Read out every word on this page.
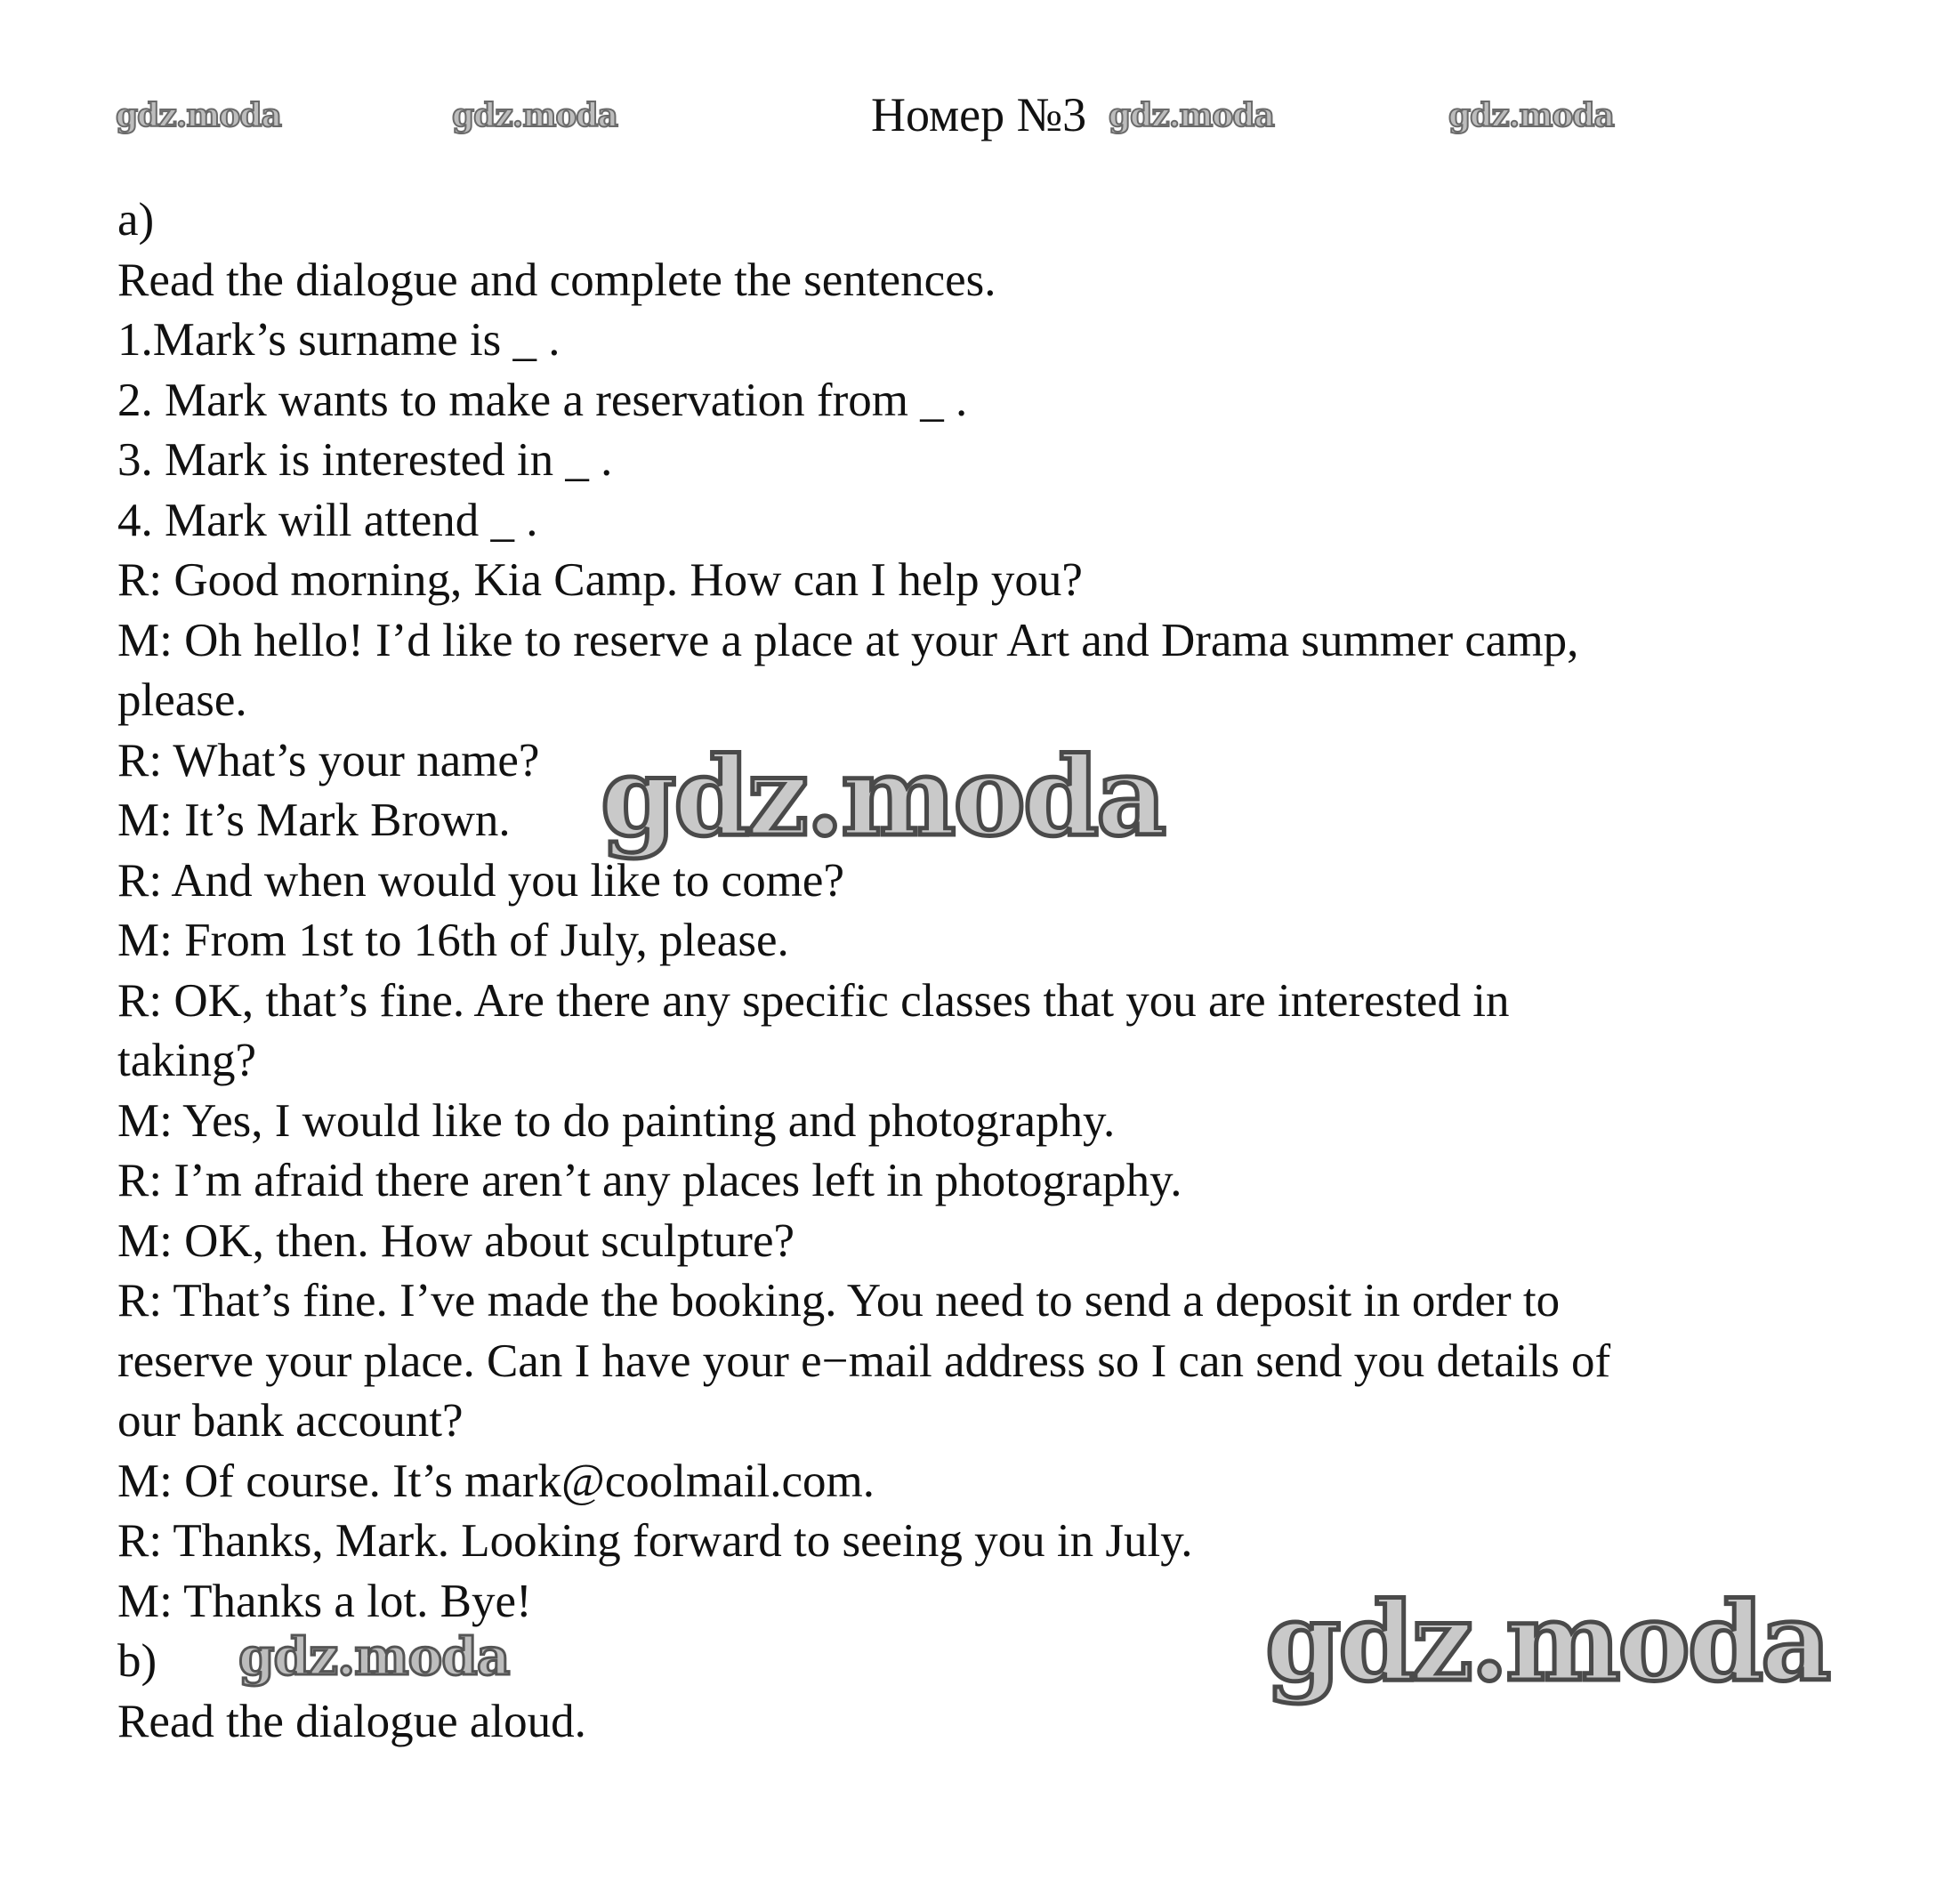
Номер №3
gdz.moda	gdz.moda	gdz.moda	gdz.moda
a)
Read the dialogue and complete the sentences.
1.Mark’s surname is _ .
2. Mark wants to make a reservation from _ .
3. Mark is interested in _ .
4. Mark will attend _ .
R: Good morning, Kia Camp. How can I help you?
M: Oh hello! I’d like to reserve a place at your Art and Drama summer camp,
please.
R: What’s your name?
M: It’s Mark Brown.
R: And when would you like to come?
M: From 1st to 16th of July, please.
R: OK, that’s fine. Are there any specific classes that you are interested in
taking?
M: Yes, I would like to do painting and photography.
R: I’m afraid there aren’t any places left in photography.
M: OK, then. How about sculpture?
R: That’s fine. I’ve made the booking. You need to send a deposit in order to
reserve your place. Can I have your e−mail address so I can send you details of
our bank account?
M: Of course. It’s mark@coolmail.com.
R: Thanks, Mark. Looking forward to seeing you in July.
M: Thanks a lot. Bye!
b)
Read the dialogue aloud.
gdz.moda
gdz.moda
gdz.moda
